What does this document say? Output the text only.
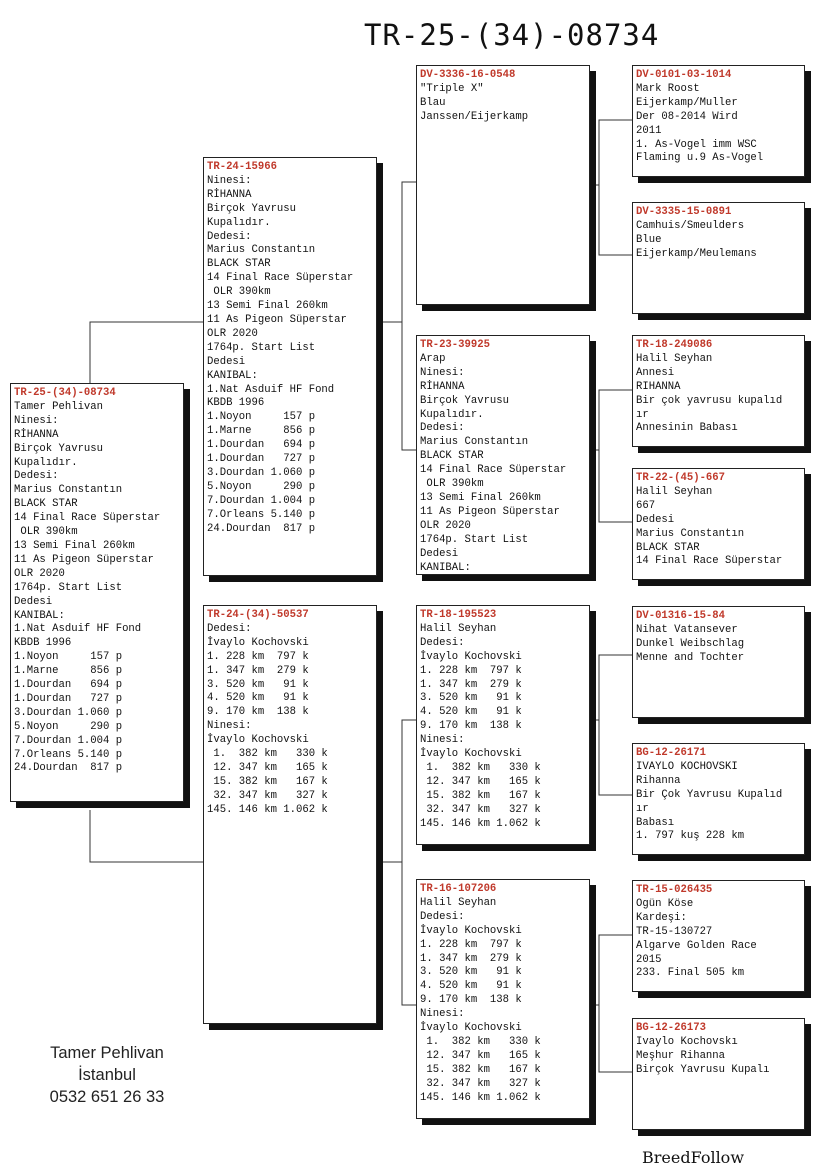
TR-25-(34)-08734
TR-25-(34)-08734
Tamer Pehlivan
Ninesi:
RİHANNA
Birçok Yavrusu
Kupalıdır.
Dedesi:
Marius Constantın
BLACK STAR
14 Final Race Süperstar
OLR 390km
13 Semi Final 260km
11 As Pigeon Süperstar
OLR 2020
1764p. Start List
Dedesi
KANIBAL:
1.Nat Asduif HF Fond
KBDB 1996
1.Noyon     157 p
1.Marne     856 p
1.Dourdan   694 p
1.Dourdan   727 p
3.Dourdan 1.060 p
5.Noyon     290 p
7.Dourdan 1.004 p
7.Orleans 5.140 p
24.Dourdan  817 p
TR-24-15966
Ninesi:
RİHANNA
Birçok Yavrusu
Kupalıdır.
Dedesi:
Marius Constantın
BLACK STAR
14 Final Race Süperstar
OLR 390km
13 Semi Final 260km
11 As Pigeon Süperstar
OLR 2020
1764p. Start List
Dedesi
KANIBAL:
1.Nat Asduif HF Fond
KBDB 1996
1.Noyon     157 p
1.Marne     856 p
1.Dourdan   694 p
1.Dourdan   727 p
3.Dourdan 1.060 p
5.Noyon     290 p
7.Dourdan 1.004 p
7.Orleans 5.140 p
24.Dourdan  817 p
TR-24-(34)-50537
Dedesi:
İvaylo Kochovski
1. 228 km  797 k
1. 347 km  279 k
3. 520 km   91 k
4. 520 km   91 k
9. 170 km  138 k
Ninesi:
İvaylo Kochovski
1.  382 km   330 k
12. 347 km   165 k
15. 382 km   167 k
32. 347 km   327 k
145. 146 km 1.062 k
DV-3336-16-0548
"Triple X"
Blau
Janssen/Eijerkamp
TR-23-39925
Arap
Ninesi:
RİHANNA
Birçok Yavrusu
Kupalıdır.
Dedesi:
Marius Constantın
BLACK STAR
14 Final Race Süperstar
OLR 390km
13 Semi Final 260km
11 As Pigeon Süperstar
OLR 2020
1764p. Start List
Dedesi
KANIBAL:
TR-18-195523
Halil Seyhan
Dedesi:
İvaylo Kochovski
1. 228 km  797 k
1. 347 km  279 k
3. 520 km   91 k
4. 520 km   91 k
9. 170 km  138 k
Ninesi:
İvaylo Kochovski
1.  382 km   330 k
12. 347 km   165 k
15. 382 km   167 k
32. 347 km   327 k
145. 146 km 1.062 k
TR-16-107206
Halil Seyhan
Dedesi:
İvaylo Kochovski
1. 228 km  797 k
1. 347 km  279 k
3. 520 km   91 k
4. 520 km   91 k
9. 170 km  138 k
Ninesi:
İvaylo Kochovski
1.  382 km   330 k
12. 347 km   165 k
15. 382 km   167 k
32. 347 km   327 k
145. 146 km 1.062 k
DV-0101-03-1014
Mark Roost
Eijerkamp/Muller
Der 08-2014 Wird
2011
1. As-Vogel imm WSC
Flaming u.9 As-Vogel
DV-3335-15-0891
Camhuis/Smeulders
Blue
Eijerkamp/Meulemans
TR-18-249086
Halil Seyhan
Annesi
RIHANNA
Bir çok yavrusu kupalıd
ır
Annesinin Babası
TR-22-(45)-667
Halil Seyhan
667
Dedesi
Marius Constantın
BLACK STAR
14 Final Race Süperstar
DV-01316-15-84
Nihat Vatansever
Dunkel Weibschlag
Menne and Tochter
BG-12-26171
IVAYLO KOCHOVSKI
Rihanna
Bir Çok Yavrusu Kupalıd
ır
Babası
1. 797 kuş 228 km
TR-15-026435
Ogün Köse
Kardeşi:
TR-15-130727
Algarve Golden Race
2015
233. Final 505 km
BG-12-26173
Ivaylo Kochovskı
Meşhur Rihanna
Birçok Yavrusu Kupalı
Tamer Pehlivan
İstanbul
0532 651 26 33
BreedFollow
